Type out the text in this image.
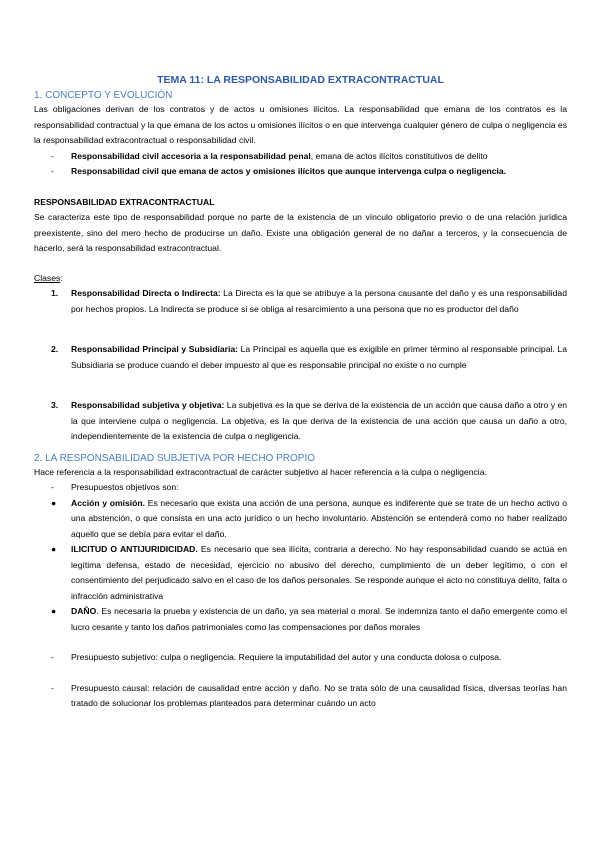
TEMA 11: LA RESPONSABILIDAD EXTRACONTRACTUAL
1. CONCEPTO Y EVOLUCIÓN

Las obligaciones derivan de los contratos y de actos u omisiones ilícitos. La responsabilidad que emana de los contratos es la responsabilidad contractual y la que emana de los actos u omisiones ilícitos o en que intervenga cualquier género de culpa o negligencia es la responsabilidad extracontractual o responsabilidad civil.

- Responsabilidad civil accesoria a la responsabilidad penal, emana de actos ilícitos constitutivos de delito
- Responsabilidad civil que emana de actos y omisiones ilícitos que aunque intervenga culpa o negligencia.
RESPONSABILIDAD EXTRACONTRACTUAL

Se caracteriza este tipo de responsabilidad porque no parte de la existencia de un vínculo obligatorio previo o de una relación jurídica preexistente, sino del mero hecho de producirse un daño. Existe una obligación general de no dañar a terceros, y la consecuencia de hacerlo, será la responsabilidad extracontractual.

Clases:

1. Responsabilidad Directa o Indirecta: La Directa es la que se atribuye a la persona causante del daño y es una responsabilidad por hechos propios. La Indirecta se produce si se obliga al resarcimiento a una persona que no es productor del daño
2. Responsabilidad Principal y Subsidiaria: La Principal es aquella que es exigible en primer término al responsable principal. La Subsidiaria se produce cuando el deber impuesto al que es responsable principal no existe o no cumple
3. Responsabilidad subjetiva y objetiva: La subjetiva es la que se deriva de la existencia de un acción que causa daño a otro y en la que interviene culpa o negligencia. La objetiva, es la que deriva de la existencia de una acción que causa un daño a otro, independientemente de la existencia de culpa o negligencia.
2. LA RESPONSABILIDAD SUBJETIVA POR HECHO PROPIO

Hace referencia a la responsabilidad extracontractual de carácter subjetivo al hacer referencia a la culpa o negligencia.

- Presupuestos objetivos son:
● Acción y omisión. Es necesario que exista una acción de una persona, aunque es indiferente que se trate de un hecho activo o una abstención, o que consista en una acto jurídico o un hecho involuntario. Abstención se entenderá como no haber realizado aquello que se debía para evitar el daño.
● ILICITUD O ANTIJURIDICIDAD. Es necesario que sea ilícita, contraria a derecho. No hay responsabilidad cuando se actúa en legítima defensa, estado de necesidad, ejercicio no abusivo del derecho, cumplimiento de un deber legítimo, o con el consentimiento del perjudicado salvo en el caso de los daños personales. Se responde aunque el acto no constituya delito, falta o infracción administrativa
● DAÑO. Es necesaria la prueba y existencia de un daño, ya sea material o moral. Se indemniza tanto el daño emergente como el lucro cesante y tanto los daños patrimoniales como las compensaciones por daños morales
- Presupuesto subjetivo: culpa o negligencia. Requiere la imputabilidad del autor y una conducta dolosa o culposa.
- Presupuesto causal: relación de causalidad entre acción y daño. No se trata sólo de una causalidad física, diversas teorías han tratado de solucionar los problemas planteados para determinar cuándo un acto
